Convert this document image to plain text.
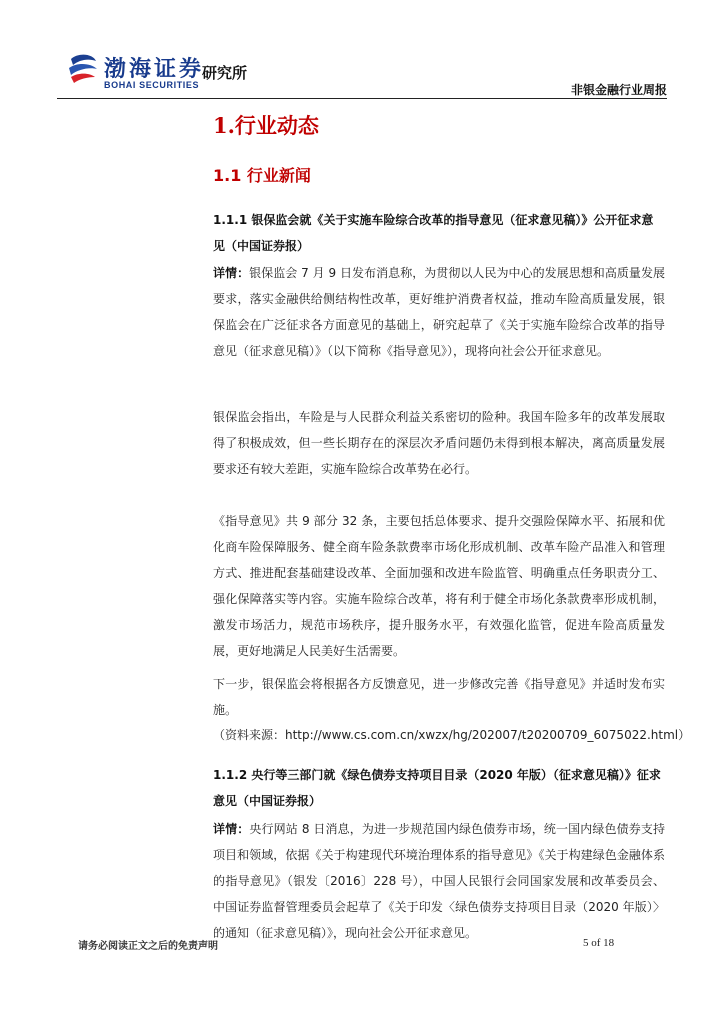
渤海证券
BOHAI SECURITIES
研究所
非银金融行业周报
1.行业动态
1.1 行业新闻
1.1.1 银保监会就《关于实施车险综合改革的指导意见（征求意见稿）》公开征求意见（中国证券报）
详情：银保监会 7 月 9 日发布消息称，为贯彻以人民为中心的发展思想和高质量发展要求，落实金融供给侧结构性改革，更好维护消费者权益，推动车险高质量发展，银保监会在广泛征求各方面意见的基础上，研究起草了《关于实施车险综合改革的指导意见（征求意见稿）》（以下简称《指导意见》），现将向社会公开征求意见。
银保监会指出，车险是与人民群众利益关系密切的险种。我国车险多年的改革发展取得了积极成效，但一些长期存在的深层次矛盾问题仍未得到根本解决，离高质量发展要求还有较大差距，实施车险综合改革势在必行。
《指导意见》共 9 部分 32 条，主要包括总体要求、提升交强险保障水平、拓展和优化商车险保障服务、健全商车险条款费率市场化形成机制、改革车险产品准入和管理方式、推进配套基础建设改革、全面加强和改进车险监管、明确重点任务职责分工、强化保障落实等内容。实施车险综合改革，将有利于健全市场化条款费率形成机制，激发市场活力，规范市场秩序，提升服务水平，有效强化监管，促进车险高质量发展，更好地满足人民美好生活需要。
下一步，银保监会将根据各方反馈意见，进一步修改完善《指导意见》并适时发布实施。
（资料来源：http://www.cs.com.cn/xwzx/hg/202007/t20200709_6075022.html）
1.1.2 央行等三部门就《绿色债券支持项目目录（2020 年版）（征求意见稿）》征求意见（中国证券报）
详情：央行网站 8 日消息，为进一步规范国内绿色债券市场，统一国内绿色债券支持项目和领域，依据《关于构建现代环境治理体系的指导意见》《关于构建绿色金融体系的指导意见》（银发〔2016〕228 号），中国人民银行会同国家发展和改革委员会、中国证券监督管理委员会起草了《关于印发〈绿色债券支持项目目录（2020 年版）〉的通知（征求意见稿）》，现向社会公开征求意见。
请务必阅读正文之后的免责声明	5 of 18
